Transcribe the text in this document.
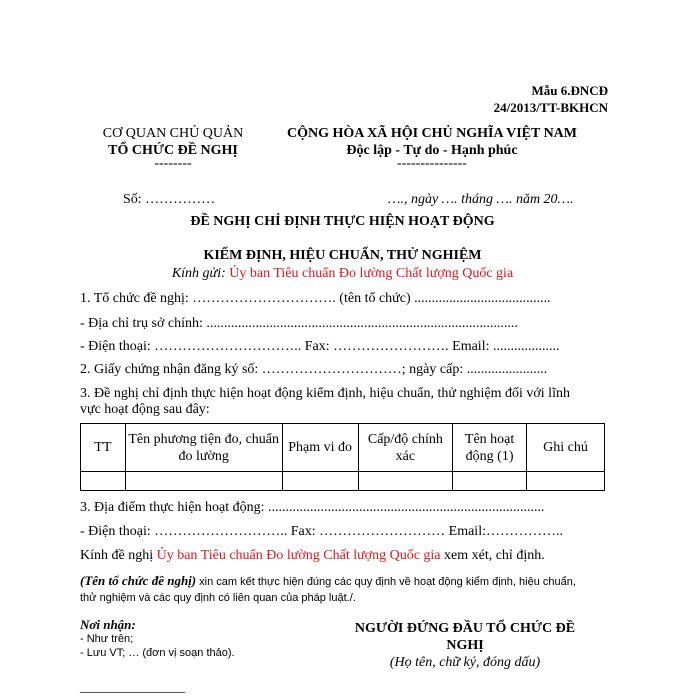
Mẫu 6.ĐNCĐ
24/2013/TT-BKHCN
CƠ QUAN CHỦ QUẢN
TỔ CHỨC ĐỀ NGHỊ
--------
CỘNG HÒA XÃ HỘI CHỦ NGHĨA VIỆT NAM
Độc lập - Tự do - Hạnh phúc
---------------
Số: ……………	…., ngày …. tháng …. năm 20….
ĐỀ NGHỊ CHỈ ĐỊNH THỰC HIỆN HOẠT ĐỘNG
KIỂM ĐỊNH, HIỆU CHUẨN, THỬ NGHIỆM
Kính gửi: Ủy ban Tiêu chuẩn Đo lường Chất lượng Quốc gia
1. Tổ chức đề nghị: …………………………. (tên tổ chức) .......................................
- Địa chỉ trụ sở chính: .........................................................................................
- Điện thoại: ………………………….. Fax: ……………………. Email: ...................
2. Giấy chứng nhận đăng ký số: …………………………; ngày cấp: .......................
3. Đề nghị chỉ định thực hiện hoạt động kiểm định, hiệu chuẩn, thử nghiệm đối với lĩnh
vực hoạt động sau đây:
TT	Tên phương tiện đo, chuẩn đo lường	Phạm vi đo	Cấp/độ chính xác	Tên hoạt động (1)	Ghi chú

3. Địa điểm thực hiện hoạt động: ...............................................................................
- Điện thoại: ……………………….. Fax: ……………………… Email:……………..
Kính đề nghị Ủy ban Tiêu chuẩn Đo lường Chất lượng Quốc gia xem xét, chỉ định.
(Tên tổ chức đề nghị) xin cam kết thực hiện đúng các quy định về hoạt động kiểm định, hiệu chuẩn,
thử nghiệm và các quy định có liên quan của pháp luật./.
Nơi nhận:
- Như trên;
- Lưu VT; … (đơn vị soạn thảo).
NGƯỜI ĐỨNG ĐẦU TỔ CHỨC ĐỀ
NGHỊ
(Họ tên, chữ ký, đóng dấu)
_______________
